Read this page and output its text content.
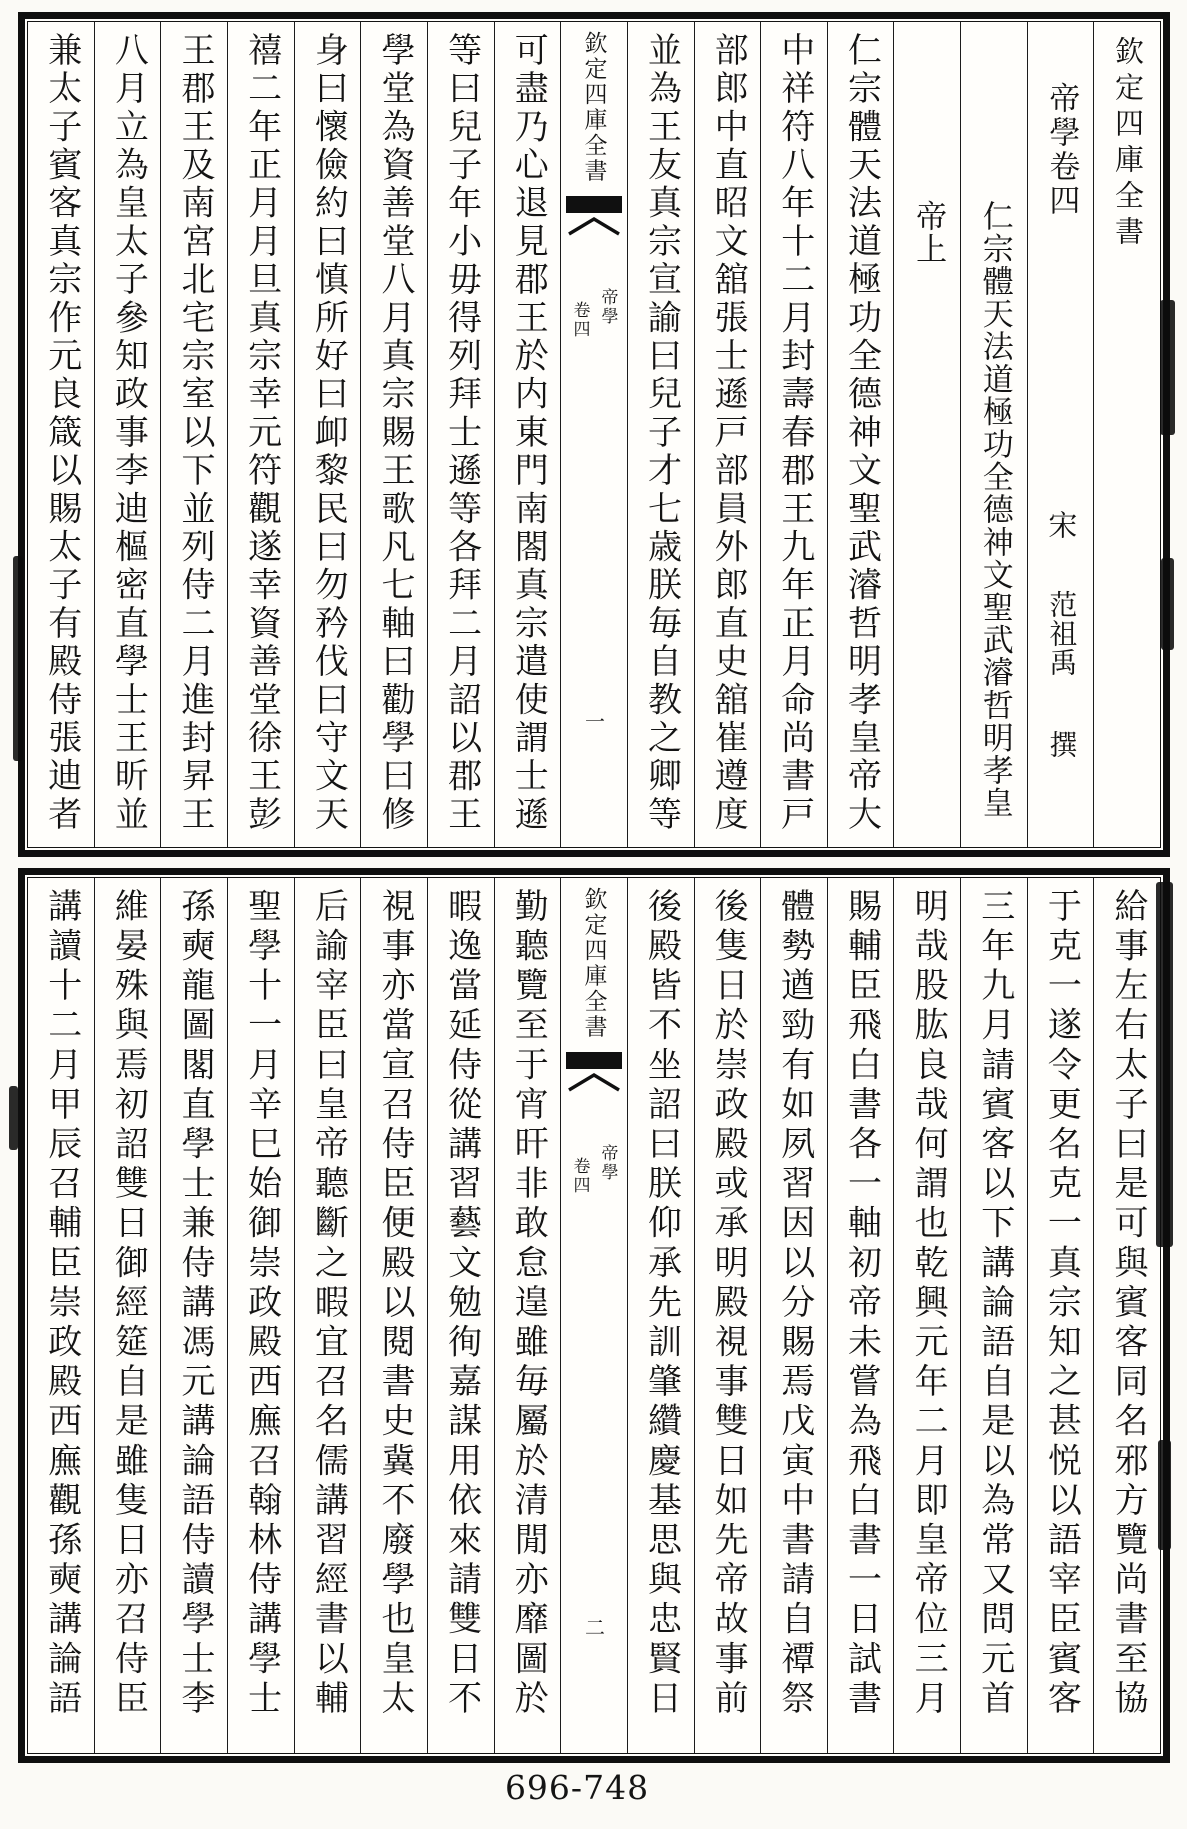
欽定四庫全書
帝學卷四
宋
范祖禹
撰
仁宗體天法道極功全德神文聖武濬哲明孝皇
帝上
仁宗體天法道極功全德神文聖武濬哲明孝皇帝大
中祥符八年十二月封壽春郡王九年正月命尚書戸
部郎中直昭文舘張士遜戸部員外郎直史舘崔遵度
並為王友真宗宣諭曰兒子才七歳朕毎自教之卿等
欽定四庫全書
帝學
卷四
一
可盡乃心退見郡王於内東門南閤真宗遣使謂士遜
等曰兒子年小毋得列拜士遜等各拜二月詔以郡王
學堂為資善堂八月真宗賜王歌凡七軸曰勸學曰修
身曰懷儉約曰慎所好曰卹黎民曰勿矜伐曰守文天
禧二年正月月旦真宗幸元符觀遂幸資善堂徐王彭
王郡王及南宮北宅宗室以下並列侍二月進封昇王
八月立為皇太子參知政事李迪樞密直學士王昕並
兼太子賓客真宗作元良箴以賜太子有殿侍張迪者
給事左右太子曰是可與賓客同名邪方覽尚書至協
于克一遂令更名克一真宗知之甚悦以語宰臣賓客
三年九月請賓客以下講論語自是以為常又問元首
明哉股肱良哉何謂也乾興元年二月即皇帝位三月
賜輔臣飛白書各一軸初帝未嘗為飛白書一日試書
體勢遒勁有如夙習因以分賜焉戊寅中書請自禫祭
後隻日於崇政殿或承明殿視事雙日如先帝故事前
後殿皆不坐詔曰朕仰承先訓肇纘慶基思與忠賢日
欽定四庫全書
帝學
卷四
二
勤聽覽至于宵旰非敢怠遑雖毎屬於清閒亦靡圖於
暇逸當延侍從講習藝文勉徇嘉謀用依來請雙日不
視事亦當宣召侍臣便殿以閱書史冀不廢學也皇太
后諭宰臣曰皇帝聽斷之暇宜召名儒講習經書以輔
聖學十一月辛巳始御崇政殿西廡召翰林侍講學士
孫奭龍圖閣直學士兼侍講馮元講論語侍讀學士李
維晏殊與焉初詔雙日御經筵自是雖隻日亦召侍臣
講讀十二月甲辰召輔臣崇政殿西廡觀孫奭講論語
696-748
